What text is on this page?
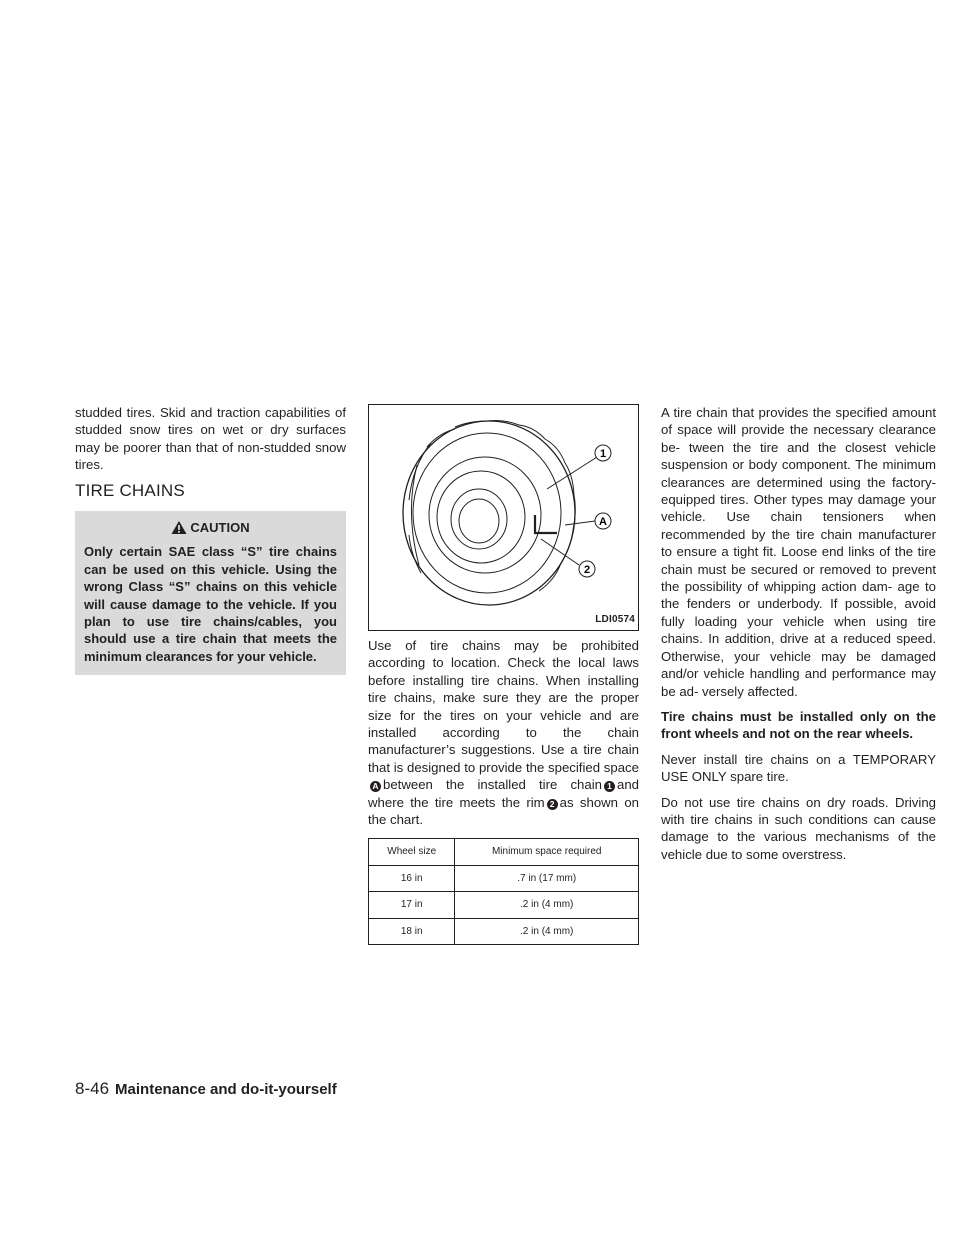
studded tires. Skid and traction capabilities of studded snow tires on wet or dry surfaces may be poorer than that of non-studded snow tires.

TIRE CHAINS
CAUTION
Only certain SAE class “S” tire chains can be used on this vehicle. Using the wrong Class “S” chains on this vehicle will cause damage to the vehicle. If you plan to use tire chains/cables, you should use a tire chain that meets the minimum clearances for your vehicle.
1
A
2
LDI0574

Use of tire chains may be prohibited according to location. Check the local laws before installing tire chains. When installing tire chains, make sure they are the proper size for the tires on your vehicle and are installed according to the chain manufacturer’s suggestions. Use a tire chain that is designed to provide the specified spaceA between the installed tire chain 1 and where the tire meets the rim 2 as shown on the chart.

Wheel size	Minimum space required
16 in	.7 in (17 mm)
17 in	.2 in (4 mm)
18 in	.2 in (4 mm)

A tire chain that provides the specified amount of space will provide the necessary clearance be- tween the tire and the closest vehicle suspension or body component. The minimum clearances are determined using the factory-equipped tires. Other types may damage your vehicle. Use chain tensioners when recommended by the tire chain manufacturer to ensure a tight fit. Loose end links of the tire chain must be secured or removed to prevent the possibility of whipping action dam- age to the fenders or underbody. If possible, avoid fully loading your vehicle when using tire chains. In addition, drive at a reduced speed. Otherwise, your vehicle may be damaged and/or vehicle handling and performance may be ad- versely affected.

Tire chains must be installed only on the front wheels and not on the rear wheels.

Never install tire chains on a TEMPORARY USE ONLY spare tire.

Do not use tire chains on dry roads. Driving with tire chains in such conditions can cause damage to the various mechanisms of the vehicle due to some overstress.

8-46 Maintenance and do-it-yourself
